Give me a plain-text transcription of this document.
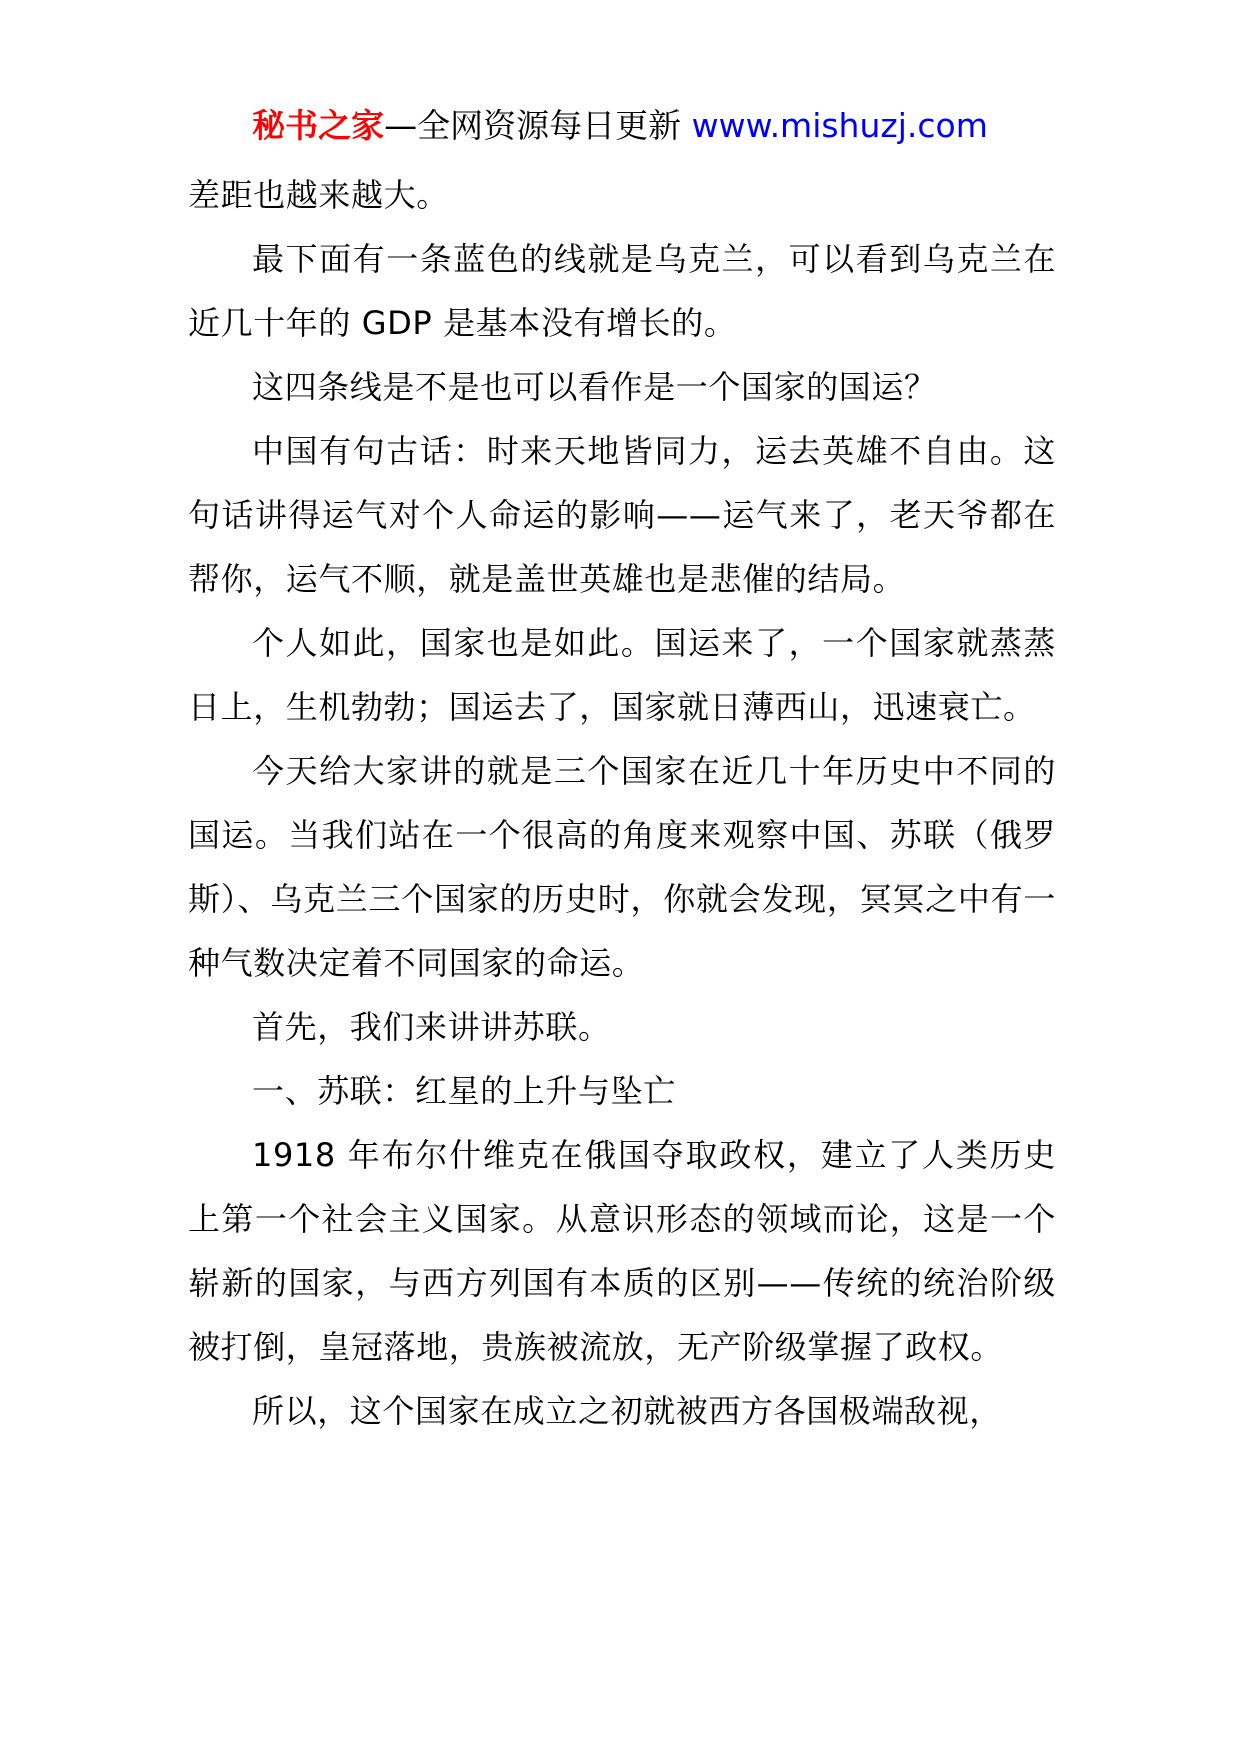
秘书之家—全网资源每日更新 www.mishuzj.com

差距也越来越大。

最下面有一条蓝色的线就是乌克兰，可以看到乌克兰在近几十年的 GDP 是基本没有增长的。

这四条线是不是也可以看作是一个国家的国运？

中国有句古话：时来天地皆同力，运去英雄不自由。这句话讲得运气对个人命运的影响——运气来了，老天爷都在帮你，运气不顺，就是盖世英雄也是悲催的结局。

个人如此，国家也是如此。国运来了，一个国家就蒸蒸日上，生机勃勃；国运去了，国家就日薄西山，迅速衰亡。

今天给大家讲的就是三个国家在近几十年历史中不同的国运。当我们站在一个很高的角度来观察中国、苏联（俄罗斯）、乌克兰三个国家的历史时，你就会发现，冥冥之中有一种气数决定着不同国家的命运。

首先，我们来讲讲苏联。

一、苏联：红星的上升与坠亡

1918 年布尔什维克在俄国夺取政权，建立了人类历史上第一个社会主义国家。从意识形态的领域而论，这是一个崭新的国家，与西方列国有本质的区别——传统的统治阶级被打倒，皇冠落地，贵族被流放，无产阶级掌握了政权。

所以，这个国家在成立之初就被西方各国极端敌视，
